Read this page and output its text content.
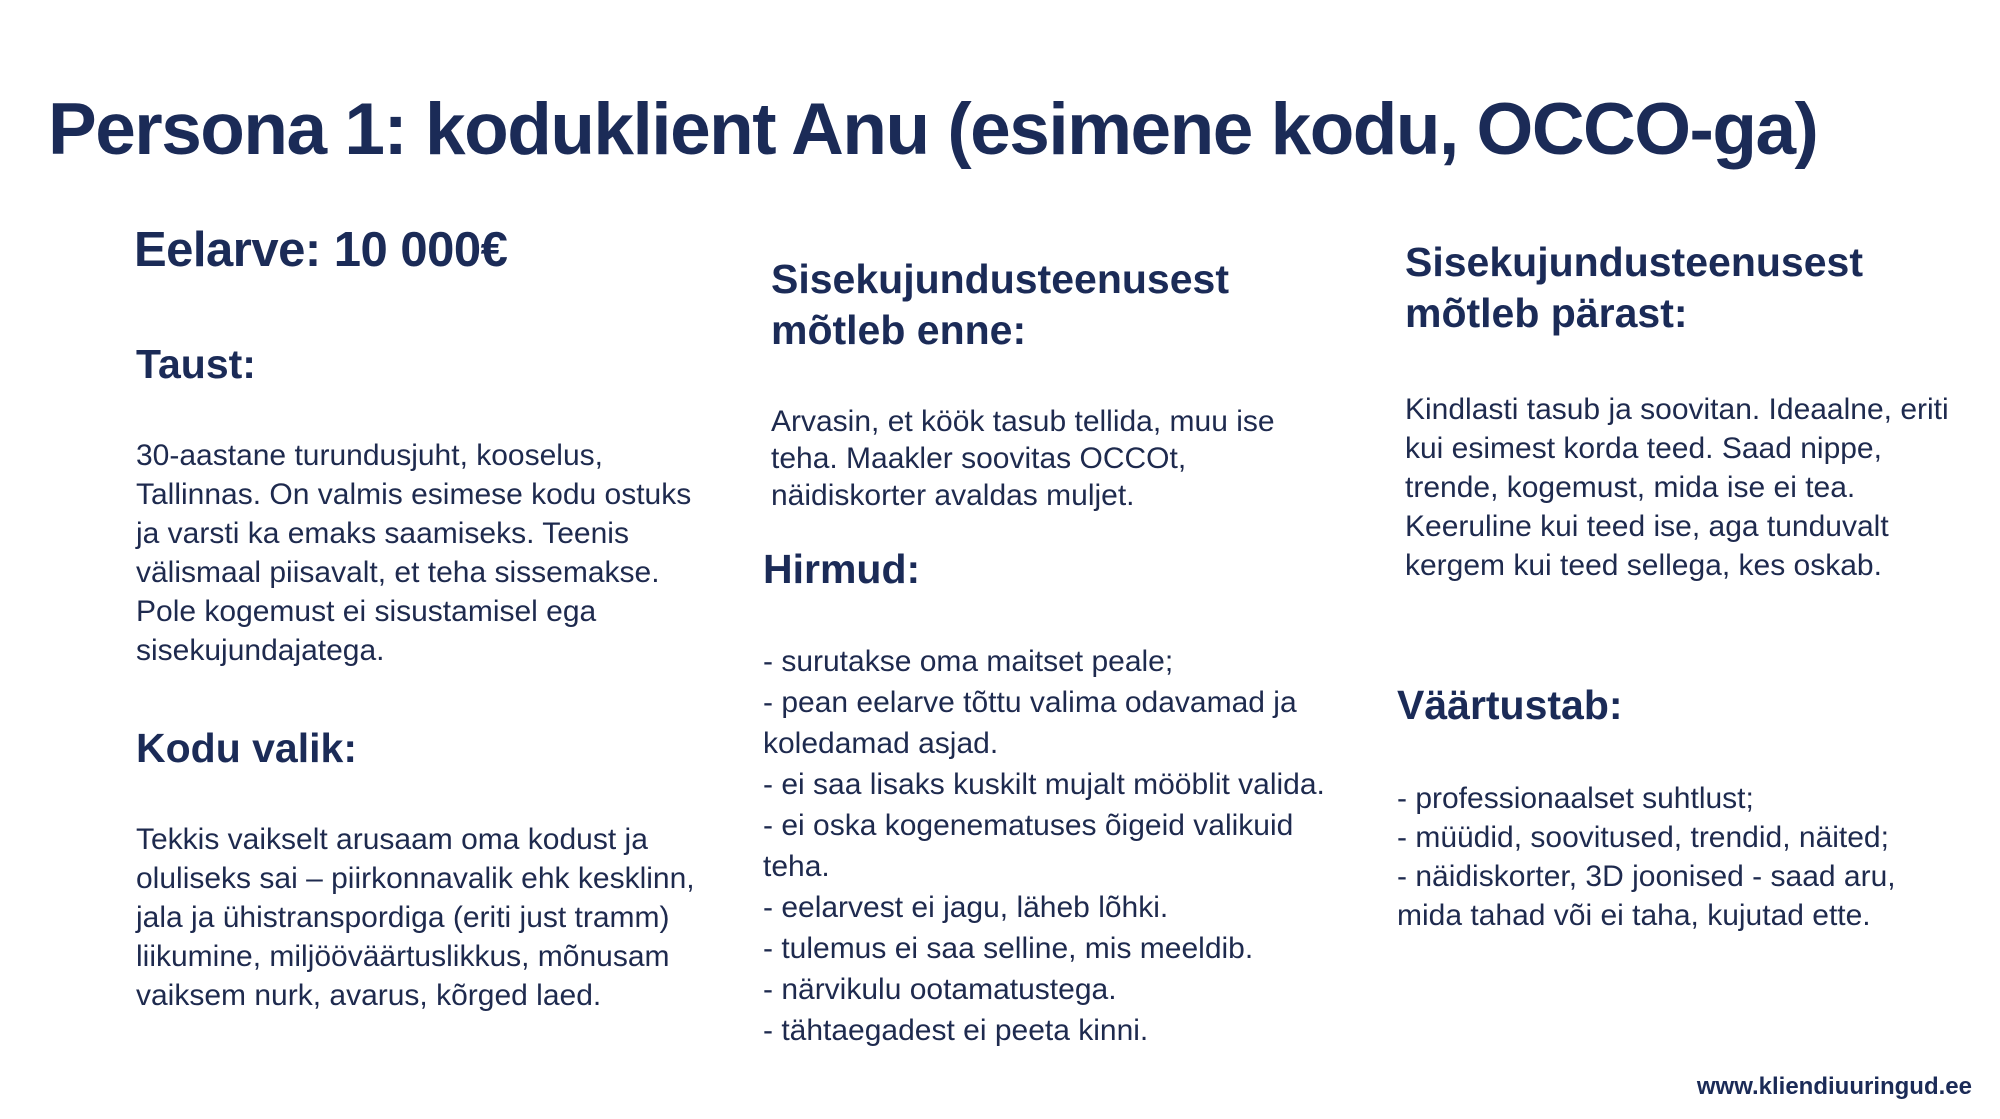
Persona 1: koduklient Anu (esimene kodu, OCCO-ga)
Eelarve: 10 000€
Taust:

30-aastane turundusjuht, kooselus, Tallinnas. On valmis esimese kodu ostuks ja varsti ka emaks saamiseks. Teenis välismaal piisavalt, et teha sissemakse. Pole kogemust ei sisustamisel ega sisekujundajatega.

Kodu valik:

Tekkis vaikselt arusaam oma kodust ja oluliseks sai – piirkonnavalik ehk kesklinn, jala ja ühistranspordiga (eriti just tramm) liikumine, miljööväärtuslikkus, mõnusam vaiksem nurk, avarus, kõrged laed.

Sisekujundusteenusest
mõtleb enne:

Arvasin, et köök tasub tellida, muu ise teha. Maakler soovitas OCCOt, näidiskorter avaldas muljet.

Hirmud:
- surutakse oma maitset peale;
- pean eelarve tõttu valima odavamad ja koledamad asjad.
- ei saa lisaks kuskilt mujalt mööblit valida.
- ei oska kogenematuses õigeid valikuid teha.
- eelarvest ei jagu, läheb lõhki.
- tulemus ei saa selline, mis meeldib.
- närvikulu ootamatustega.
- tähtaegadest ei peeta kinni.
Sisekujundusteenusest
mõtleb pärast:

Kindlasti tasub ja soovitan. Ideaalne, eriti kui esimest korda teed. Saad nippe, trende, kogemust, mida ise ei tea. Keeruline kui teed ise, aga tunduvalt kergem kui teed sellega, kes oskab.

Väärtustab:
- professionaalset suhtlust;
- müüdid, soovitused, trendid, näited;
- näidiskorter, 3D joonised - saad aru, mida tahad või ei taha, kujutad ette.
www.kliendiuuringud.ee
